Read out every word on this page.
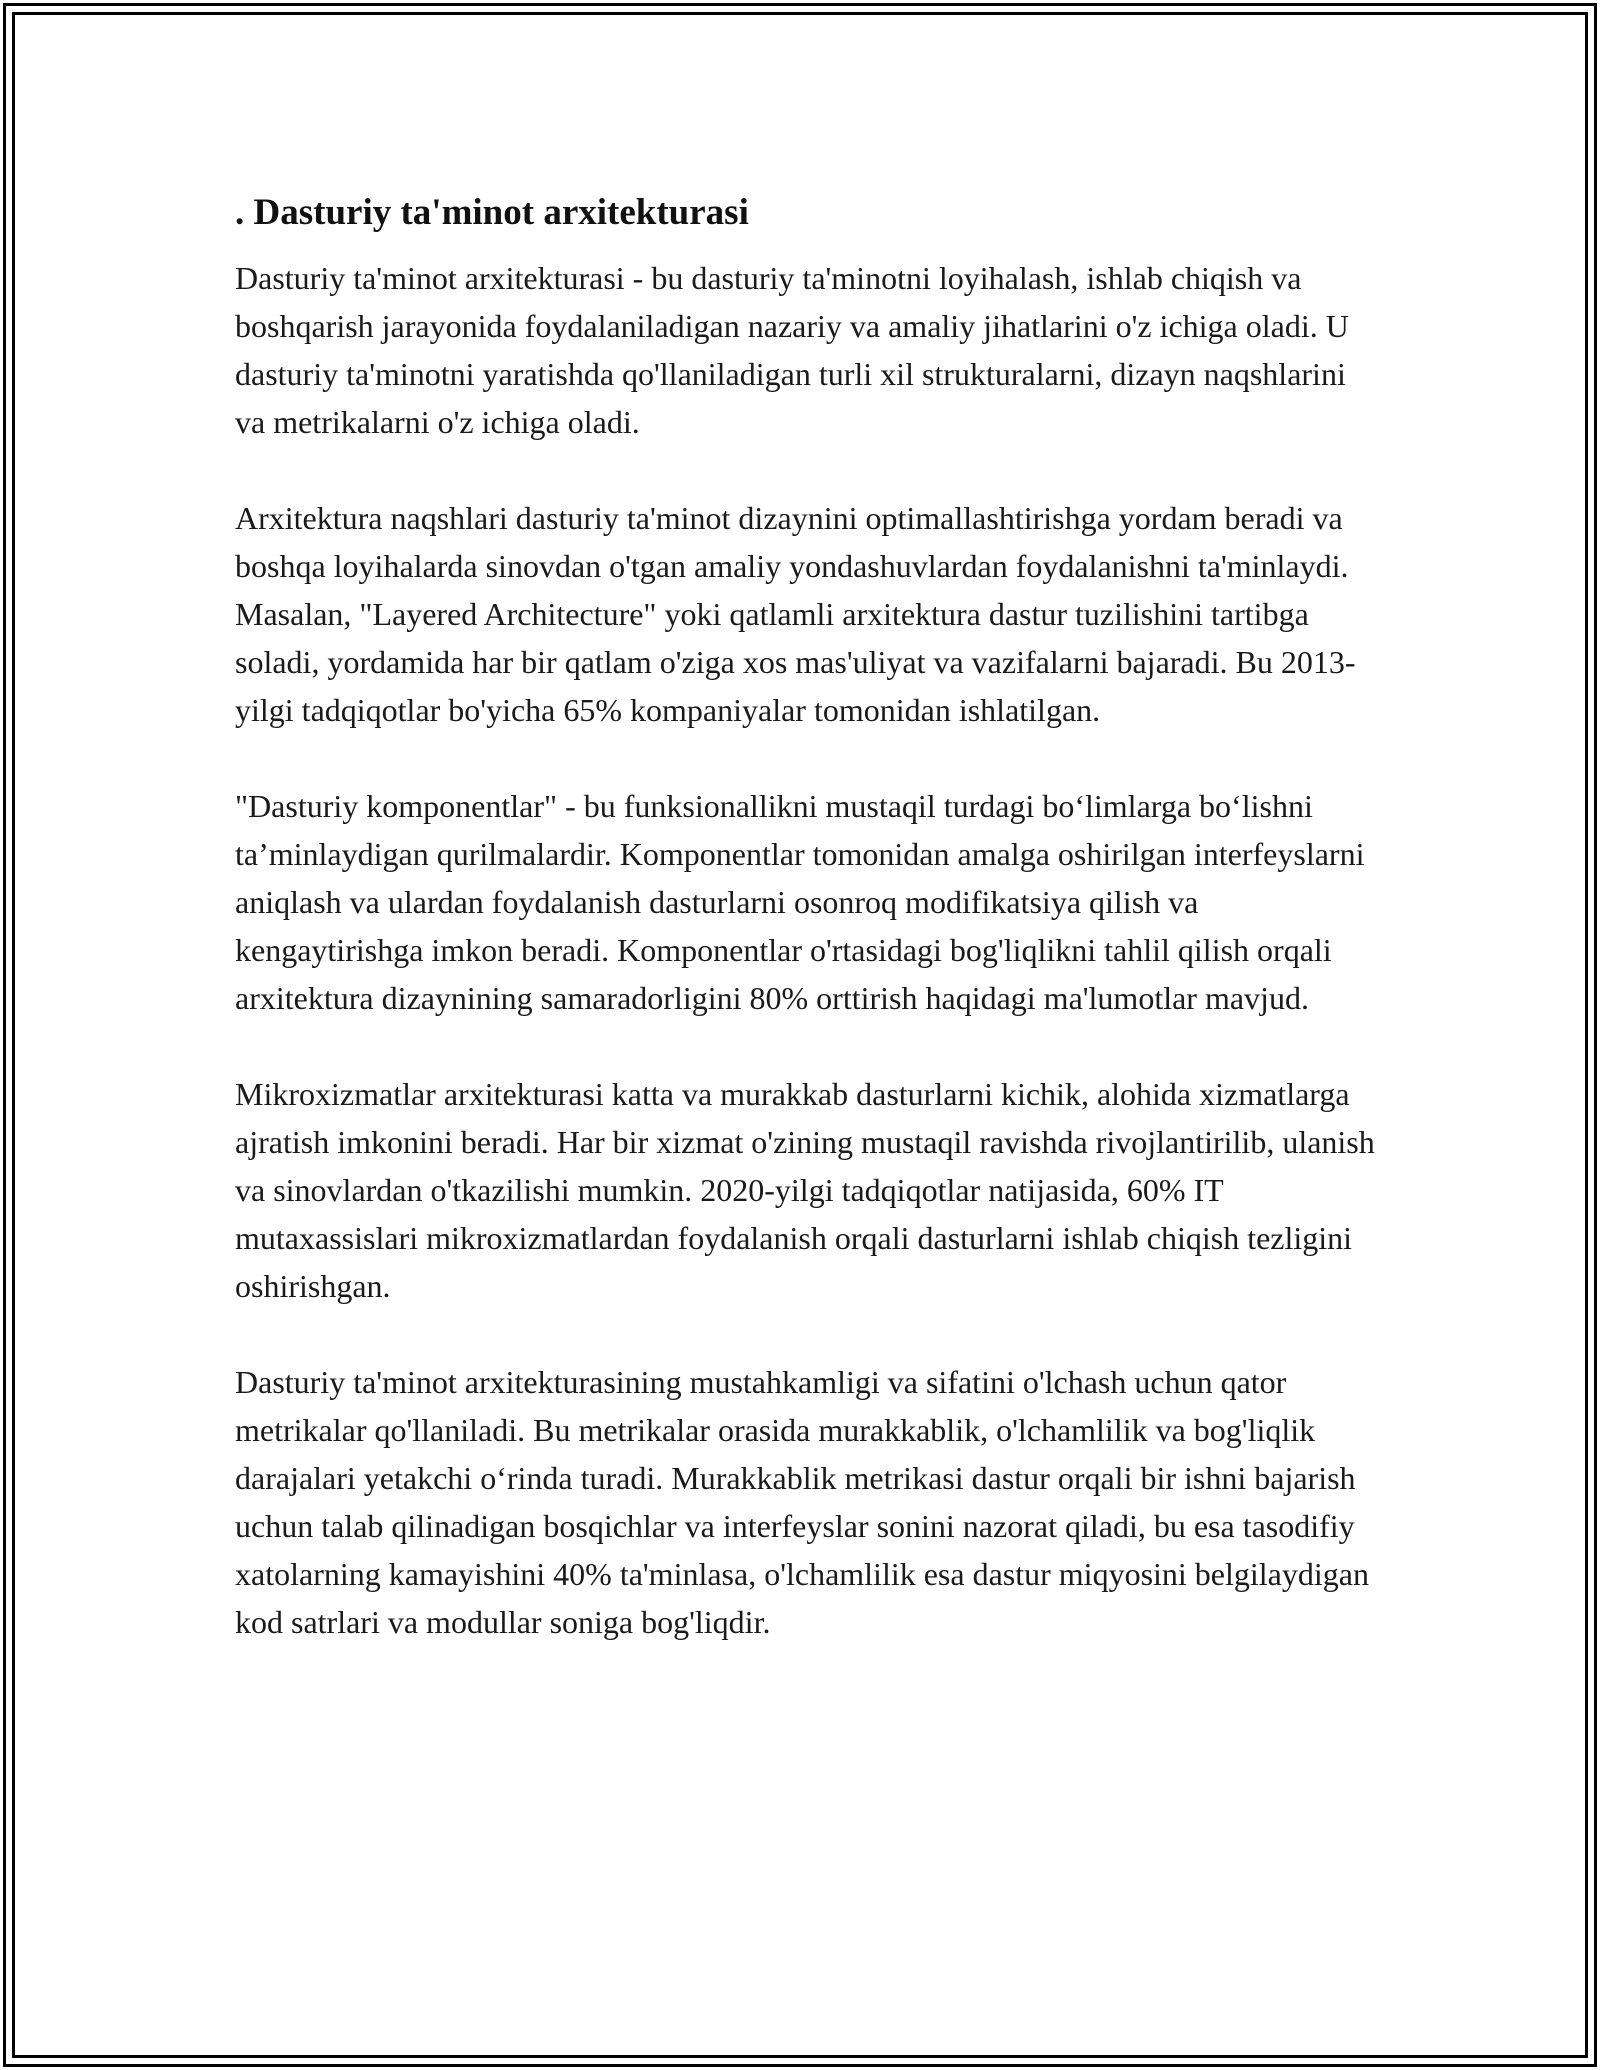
. Dasturiy ta'minot arxitekturasi

Dasturiy ta'minot arxitekturasi - bu dasturiy ta'minotni loyihalash, ishlab chiqish va boshqarish jarayonida foydalaniladigan nazariy va amaliy jihatlarini o'z ichiga oladi. U dasturiy ta'minotni yaratishda qo'llaniladigan turli xil strukturalarni, dizayn naqshlarini va metrikalarni o'z ichiga oladi.

Arxitektura naqshlari dasturiy ta'minot dizaynini optimallashtirishga yordam beradi va boshqa loyihalarda sinovdan o'tgan amaliy yondashuvlardan foydalanishni ta'minlaydi. Masalan, "Layered Architecture" yoki qatlamli arxitektura dastur tuzilishini tartibga soladi, yordamida har bir qatlam o'ziga xos mas'uliyat va vazifalarni bajaradi. Bu 2013-yilgi tadqiqotlar bo'yicha 65% kompaniyalar tomonidan ishlatilgan.

"Dasturiy komponentlar" - bu funksionallikni mustaqil turdagi bo‘limlarga bo‘lishni ta’minlaydigan qurilmalardir. Komponentlar tomonidan amalga oshirilgan interfeyslarni aniqlash va ulardan foydalanish dasturlarni osonroq modifikatsiya qilish va kengaytirishga imkon beradi. Komponentlar o'rtasidagi bog'liqlikni tahlil qilish orqali arxitektura dizaynining samaradorligini 80% orttirish haqidagi ma'lumotlar mavjud.

Mikroxizmatlar arxitekturasi katta va murakkab dasturlarni kichik, alohida xizmatlarga ajratish imkonini beradi. Har bir xizmat o'zining mustaqil ravishda rivojlantirilib, ulanish va sinovlardan o'tkazilishi mumkin. 2020-yilgi tadqiqotlar natijasida, 60% IT mutaxassislari mikroxizmatlardan foydalanish orqali dasturlarni ishlab chiqish tezligini oshirishgan.

Dasturiy ta'minot arxitekturasining mustahkamligi va sifatini o'lchash uchun qator metrikalar qo'llaniladi. Bu metrikalar orasida murakkablik, o'lchamlilik va bog'liqlik darajalari yetakchi o‘rinda turadi. Murakkablik metrikasi dastur orqali bir ishni bajarish uchun talab qilinadigan bosqichlar va interfeyslar sonini nazorat qiladi, bu esa tasodifiy xatolarning kamayishini 40% ta'minlasa, o'lchamlilik esa dastur miqyosini belgilaydigan kod satrlari va modullar soniga bog'liqdir.
